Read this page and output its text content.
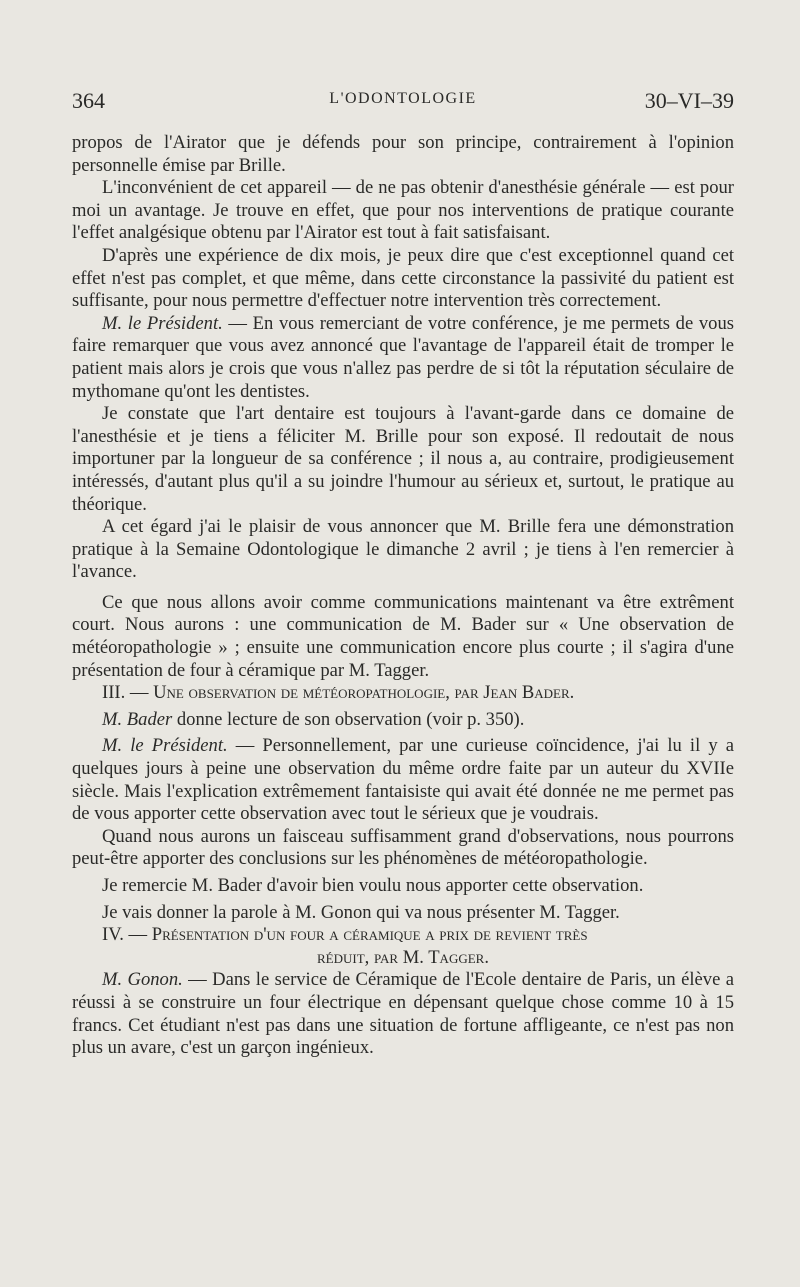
364	L'ODONTOLOGIE	30–VI–39

propos de l'Airator que je défends pour son principe, contrairement à l'opinion personnelle émise par Brille.

L'inconvénient de cet appareil — de ne pas obtenir d'anesthésie générale — est pour moi un avantage. Je trouve en effet, que pour nos interventions de pratique courante l'effet analgésique obtenu par l'Airator est tout à fait satisfaisant.

D'après une expérience de dix mois, je peux dire que c'est exceptionnel quand cet effet n'est pas complet, et que même, dans cette circonstance la passivité du patient est suffisante, pour nous permettre d'effectuer notre intervention très correctement.

M. le Président. — En vous remerciant de votre conférence, je me permets de vous faire remarquer que vous avez annoncé que l'avantage de l'appareil était de tromper le patient mais alors je crois que vous n'allez pas perdre de si tôt la réputation séculaire de mythomane qu'ont les dentistes.

Je constate que l'art dentaire est toujours à l'avant-garde dans ce domaine de l'anesthésie et je tiens a féliciter M. Brille pour son exposé. Il redoutait de nous importuner par la longueur de sa conférence ; il nous a, au contraire, prodigieusement intéressés, d'autant plus qu'il a su joindre l'humour au sérieux et, surtout, le pratique au théorique.

A cet égard j'ai le plaisir de vous annoncer que M. Brille fera une démonstration pratique à la Semaine Odontologique le dimanche 2 avril ; je tiens à l'en remercier à l'avance.

Ce que nous allons avoir comme communications maintenant va être extrêment court. Nous aurons : une communication de M. Bader sur « Une observation de météoropathologie » ; ensuite une communication encore plus courte ; il s'agira d'une présentation de four à céramique par M. Tagger.

III. — Une observation de météoropathologie, par Jean Bader.

M. Bader donne lecture de son observation (voir p. 350).

M. le Président. — Personnellement, par une curieuse coïncidence, j'ai lu il y a quelques jours à peine une observation du même ordre faite par un auteur du XVIIe siècle. Mais l'explication extrêmement fantaisiste qui avait été donnée ne me permet pas de vous apporter cette observation avec tout le sérieux que je voudrais.

Quand nous aurons un faisceau suffisamment grand d'observations, nous pourrons peut-être apporter des conclusions sur les phénomènes de météoropathologie.

Je remercie M. Bader d'avoir bien voulu nous apporter cette observation.

Je vais donner la parole à M. Gonon qui va nous présenter M. Tagger.

IV. — Présentation d'un four a céramique a prix de revient très

réduit, par M. Tagger.

M. Gonon. — Dans le service de Céramique de l'Ecole dentaire de Paris, un élève a réussi à se construire un four électrique en dépensant quelque chose comme 10 à 15 francs. Cet étudiant n'est pas dans une situation de fortune affligeante, ce n'est pas non plus un avare, c'est un garçon ingénieux.
